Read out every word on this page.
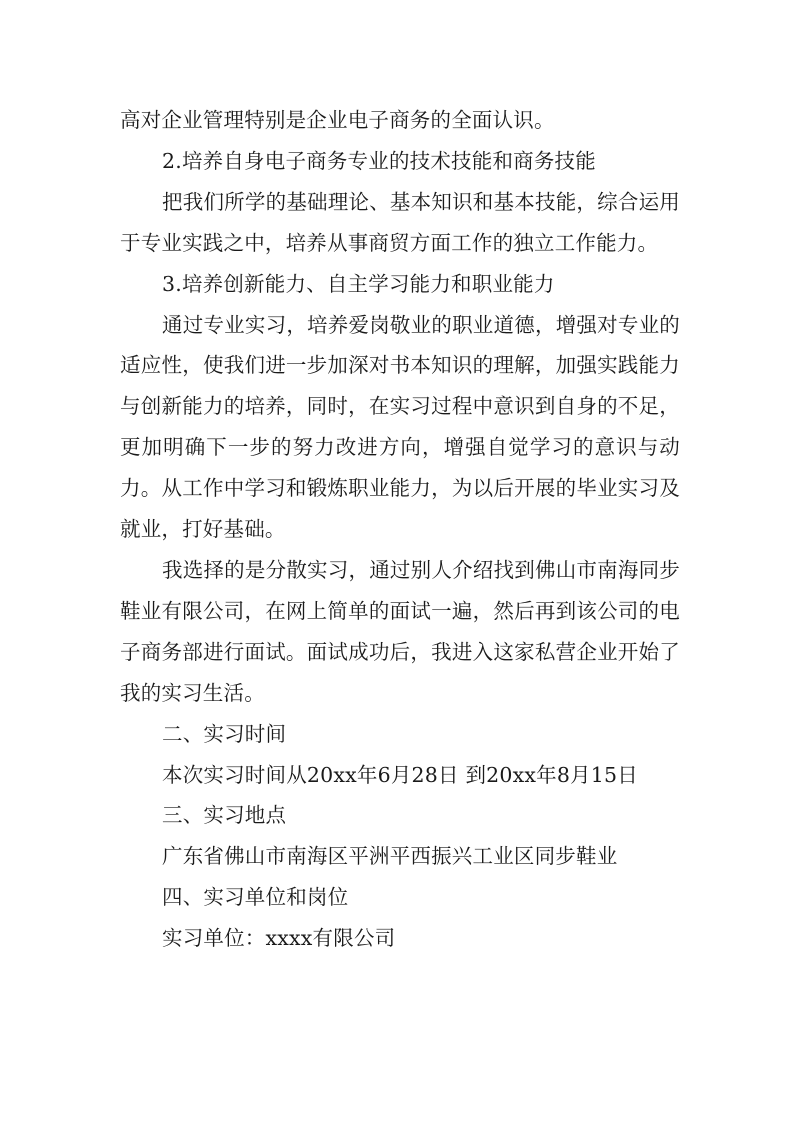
高对企业管理特别是企业电子商务的全面认识。

2.培养自身电子商务专业的技术技能和商务技能

把我们所学的基础理论、基本知识和基本技能，综合运用于专业实践之中，培养从事商贸方面工作的独立工作能力。

3.培养创新能力、自主学习能力和职业能力

通过专业实习，培养爱岗敬业的职业道德，增强对专业的适应性，使我们进一步加深对书本知识的理解，加强实践能力与创新能力的培养，同时，在实习过程中意识到自身的不足，更加明确下一步的努力改进方向，增强自觉学习的意识与动力。从工作中学习和锻炼职业能力，为以后开展的毕业实习及就业，打好基础。

我选择的是分散实习，通过别人介绍找到佛山市南海同步鞋业有限公司，在网上简单的面试一遍，然后再到该公司的电子商务部进行面试。面试成功后，我进入这家私营企业开始了我的实习生活。

二、实习时间

本次实习时间从20xx年6月28日 到20xx年8月15日

三、实习地点

广东省佛山市南海区平洲平西振兴工业区同步鞋业

四、实习单位和岗位

实习单位：xxxx有限公司
